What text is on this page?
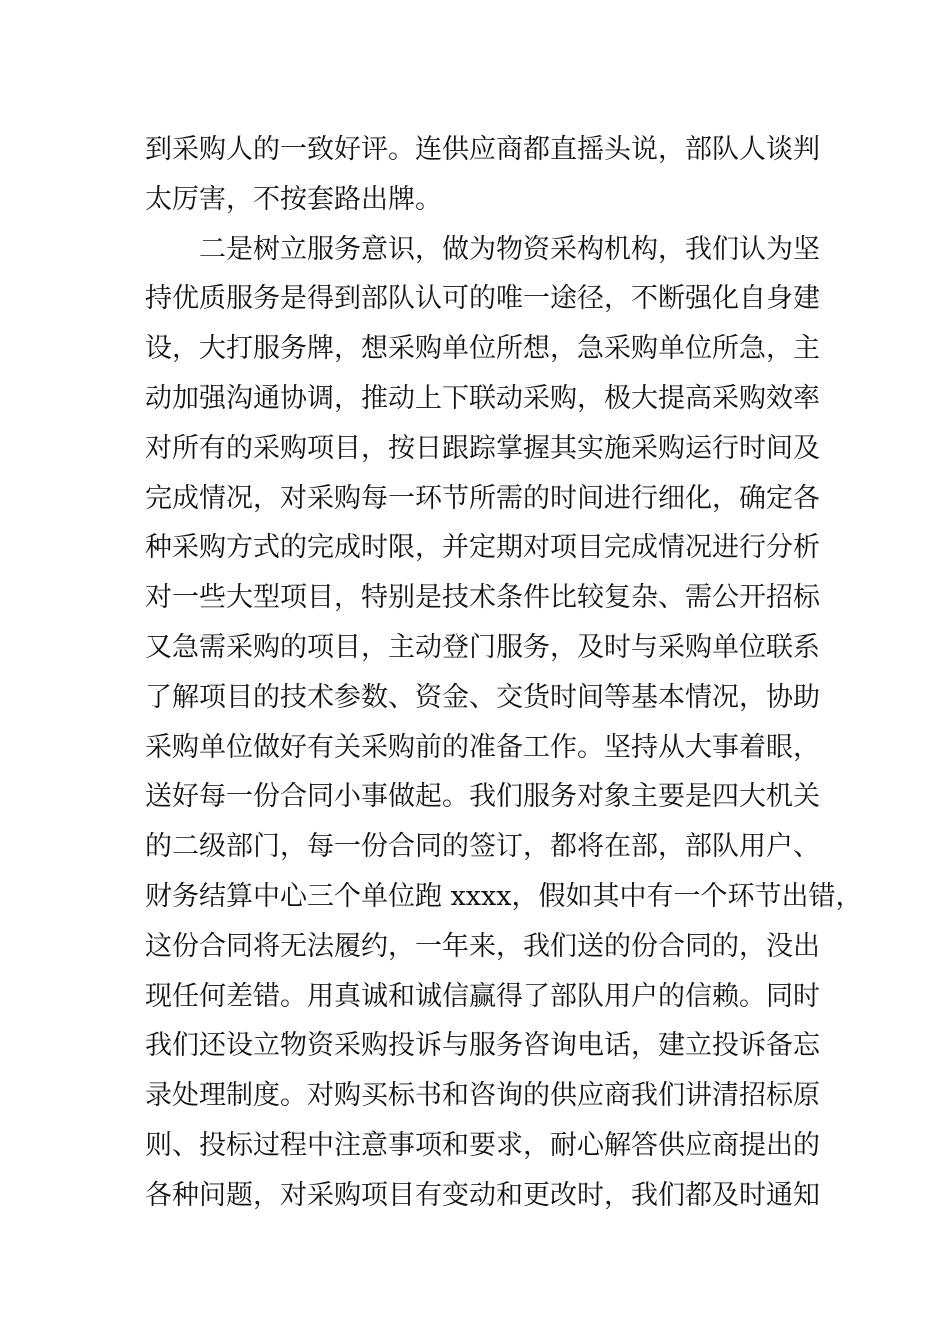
到采购人的一致好评。连供应商都直摇头说，部队人谈判
太厉害，不按套路出牌。
二是树立服务意识，做为物资采构机构，我们认为坚
持优质服务是得到部队认可的唯一途径，不断强化自身建
设，大打服务牌，想采购单位所想，急采购单位所急，主
动加强沟通协调，推动上下联动采购，极大提高采购效率
对所有的采购项目，按日跟踪掌握其实施采购运行时间及
完成情况，对采购每一环节所需的时间进行细化，确定各
种采购方式的完成时限，并定期对项目完成情况进行分析
对一些大型项目，特别是技术条件比较复杂、需公开招标
又急需采购的项目，主动登门服务，及时与采购单位联系
了解项目的技术参数、资金、交货时间等基本情况，协助
采购单位做好有关采购前的准备工作。坚持从大事着眼，
送好每一份合同小事做起。我们服务对象主要是四大机关
的二级部门，每一份合同的签订，都将在部，部队用户、
财务结算中心三个单位跑 xxxx，假如其中有一个环节出错，
这份合同将无法履约，一年来，我们送的份合同的，没出
现任何差错。用真诚和诚信赢得了部队用户的信赖。同时
我们还设立物资采购投诉与服务咨询电话，建立投诉备忘
录处理制度。对购买标书和咨询的供应商我们讲清招标原
则、投标过程中注意事项和要求，耐心解答供应商提出的
各种问题，对采购项目有变动和更改时，我们都及时通知
